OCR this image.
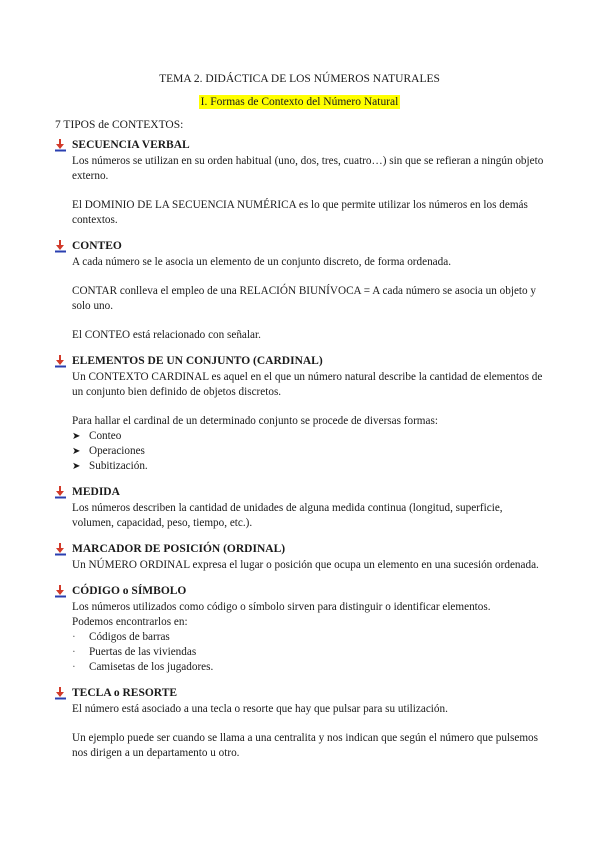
TEMA 2. DIDÁCTICA DE LOS NÚMEROS NATURALES
I. Formas de Contexto del Número Natural
7 TIPOS de CONTEXTOS:
SECUENCIA VERBAL

Los números se utilizan en su orden habitual (uno, dos, tres, cuatro…) sin que se refieran a ningún objeto externo.

El DOMINIO DE LA SECUENCIA NUMÉRICA es lo que permite utilizar los números en los demás contextos.

CONTEO

A cada número se le asocia un elemento de un conjunto discreto, de forma ordenada.

CONTAR conlleva el empleo de una RELACIÓN BIUNÍVOCA = A cada número se asocia un objeto y solo uno.

El CONTEO está relacionado con señalar.

ELEMENTOS DE UN CONJUNTO (CARDINAL)

Un CONTEXTO CARDINAL es aquel en el que un número natural describe la cantidad de elementos de un conjunto bien definido de objetos discretos.

Para hallar el cardinal de un determinado conjunto se procede de diversas formas:

➤ Conteo
➤ Operaciones
➤ Subitización.
MEDIDA

Los números describen la cantidad de unidades de alguna medida continua (longitud, superficie, volumen, capacidad, peso, tiempo, etc.).

MARCADOR DE POSICIÓN (ORDINAL)

Un NÚMERO ORDINAL expresa el lugar o posición que ocupa un elemento en una sucesión ordenada.

CÓDIGO o SÍMBOLO

Los números utilizados como código o símbolo sirven para distinguir o identificar elementos.

Podemos encontrarlos en:

·	Códigos de barras
·	Puertas de las viviendas
·	Camisetas de los jugadores.
TECLA o RESORTE

El número está asociado a una tecla o resorte que hay que pulsar para su utilización.

Un ejemplo puede ser cuando se llama a una centralita y nos indican que según el número que pulsemos nos dirigen a un departamento u otro.
